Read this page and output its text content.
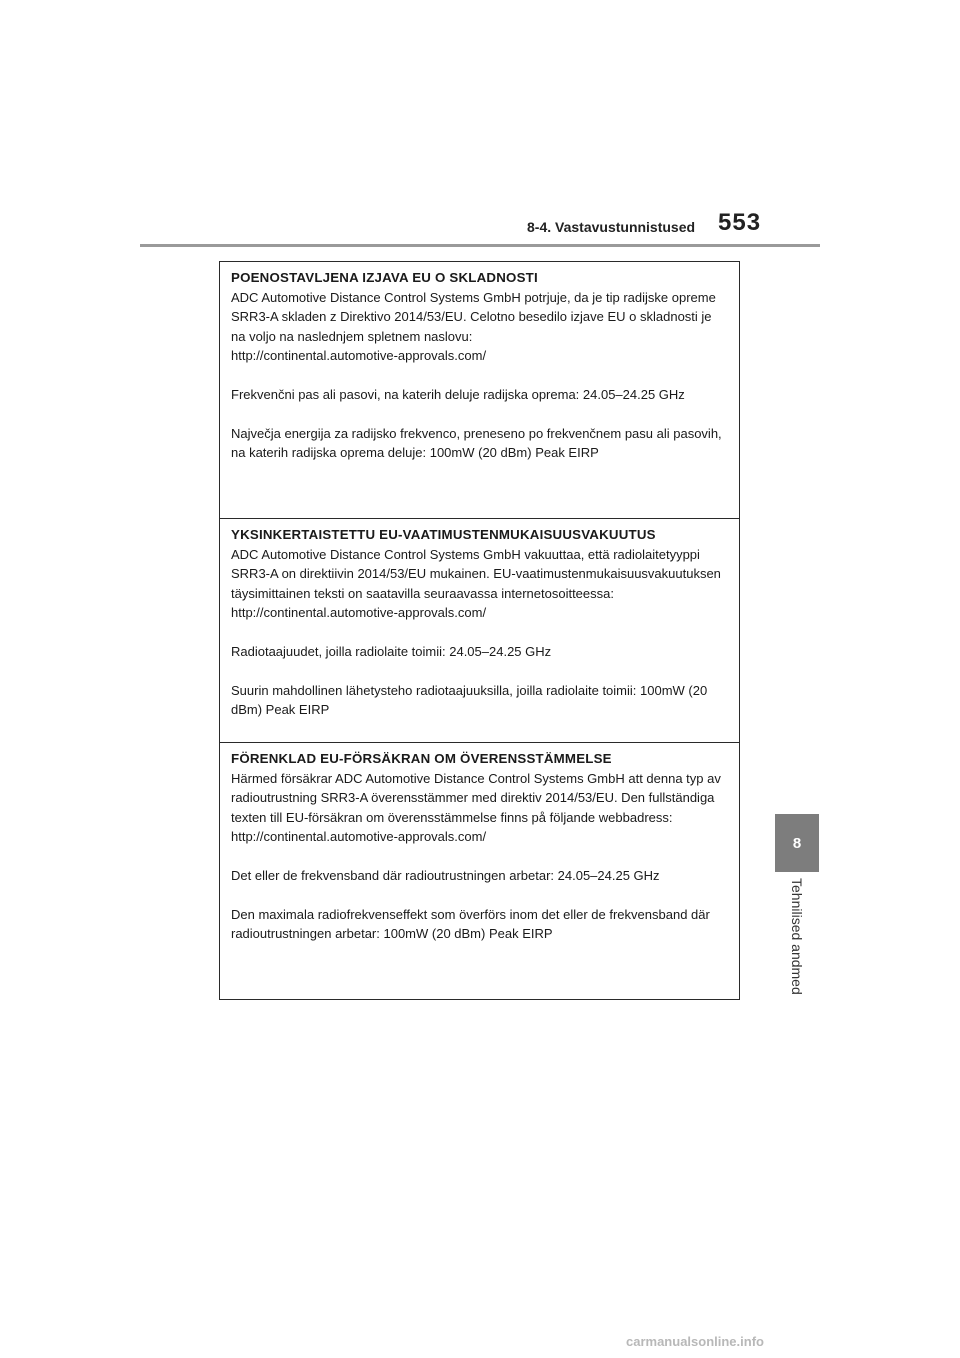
8-4. Vastavustunnistused 553
POENOSTAVLJENA IZJAVA EU O SKLADNOSTI

ADC Automotive Distance Control Systems GmbH potrjuje, da je tip radijske opreme SRR3-A skladen z Direktivo 2014/53/EU. Celotno besedilo izjave EU o skladnosti je na voljo na naslednjem spletnem naslovu:

http://continental.automotive-approvals.com/

Frekvenčni pas ali pasovi, na katerih deluje radijska oprema: 24.05–24.25 GHz

Največja energija za radijsko frekvenco, preneseno po frekvenčnem pasu ali pasovih, na katerih radijska oprema deluje: 100mW (20 dBm) Peak EIRP

YKSINKERTAISTETTU EU-VAATIMUSTENMUKAISUUSVAKUUTUS

ADC Automotive Distance Control Systems GmbH vakuuttaa, että radiolaitetyyppi SRR3-A on direktiivin 2014/53/EU mukainen. EU-vaatimustenmukaisuusvakuutuksen täysimittainen teksti on saatavilla seuraavassa internetosoitteessa:

http://continental.automotive-approvals.com/

Radiotaajuudet, joilla radiolaite toimii: 24.05–24.25 GHz

Suurin mahdollinen lähetysteho radiotaajuuksilla, joilla radiolaite toimii: 100mW (20 dBm) Peak EIRP

FÖRENKLAD EU-FÖRSÄKRAN OM ÖVERENSSTÄMMELSE

Härmed försäkrar ADC Automotive Distance Control Systems GmbH att denna typ av radioutrustning SRR3-A överensstämmer med direktiv 2014/53/EU. Den fullständiga texten till EU-försäkran om överensstämmelse finns på följande webbadress:

http://continental.automotive-approvals.com/

Det eller de frekvensband där radioutrustningen arbetar: 24.05–24.25 GHz

Den maximala radiofrekvenseffekt som överförs inom det eller de frekvensband där radioutrustningen arbetar: 100mW (20 dBm) Peak EIRP

8
Tehnilised andmed
carmanualsonline.info
